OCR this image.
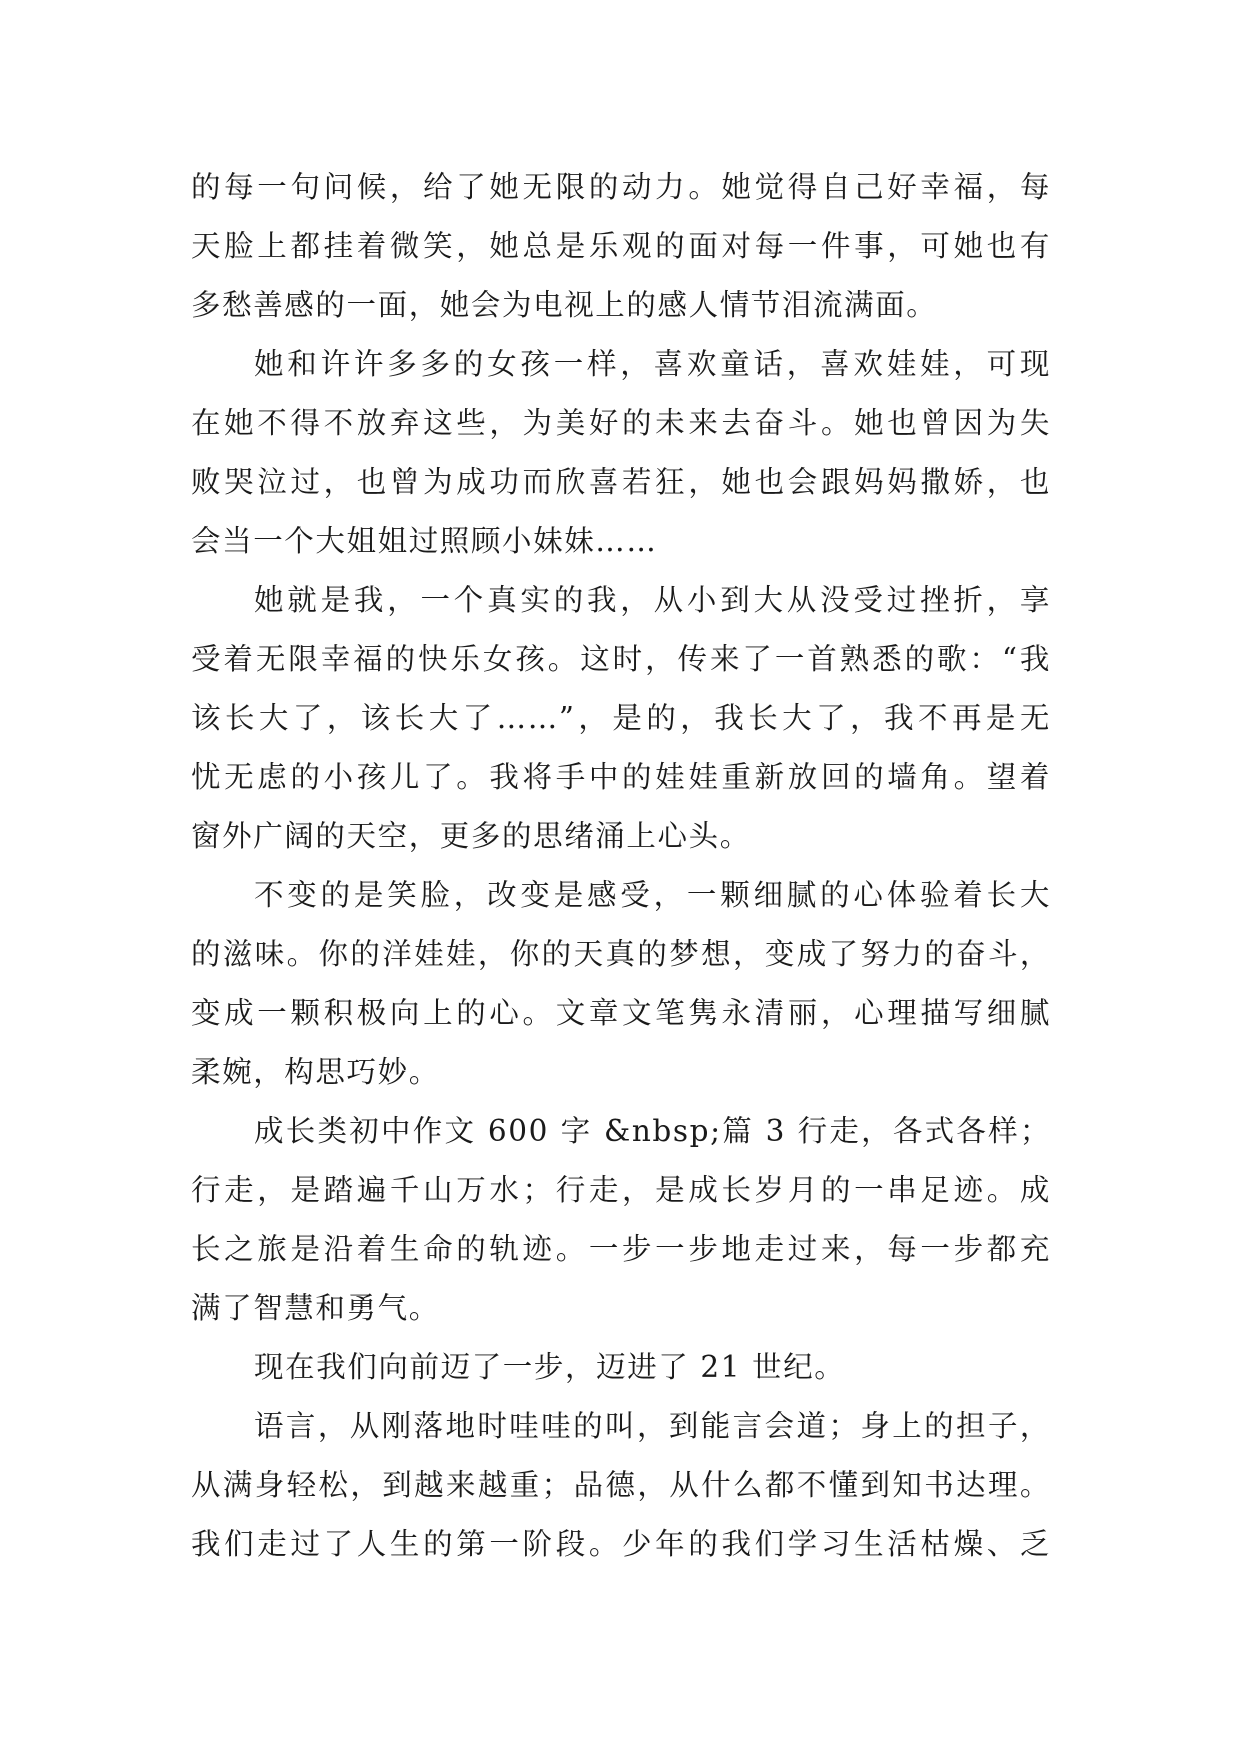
的每一句问候，给了她无限的动力。她觉得自己好幸福，每
天脸上都挂着微笑，她总是乐观的面对每一件事，可她也有
多愁善感的一面，她会为电视上的感人情节泪流满面。
她和许许多多的女孩一样，喜欢童话，喜欢娃娃，可现
在她不得不放弃这些，为美好的未来去奋斗。她也曾因为失
败哭泣过，也曾为成功而欣喜若狂，她也会跟妈妈撒娇，也
会当一个大姐姐过照顾小妹妹……
她就是我，一个真实的我，从小到大从没受过挫折，享
受着无限幸福的快乐女孩。这时，传来了一首熟悉的歌：“我
该长大了，该长大了……”，是的，我长大了，我不再是无
忧无虑的小孩儿了。我将手中的娃娃重新放回的墙角。望着
窗外广阔的天空，更多的思绪涌上心头。
不变的是笑脸，改变是感受，一颗细腻的心体验着长大
的滋味。你的洋娃娃，你的天真的梦想，变成了努力的奋斗，
变成一颗积极向上的心。文章文笔隽永清丽，心理描写细腻
柔婉，构思巧妙。
成长类初中作文 600 字 &nbsp;篇 3 行走，各式各样；
行走，是踏遍千山万水；行走，是成长岁月的一串足迹。成
长之旅是沿着生命的轨迹。一步一步地走过来，每一步都充
满了智慧和勇气。
现在我们向前迈了一步，迈进了 21 世纪。
语言，从刚落地时哇哇的叫，到能言会道；身上的担子，
从满身轻松，到越来越重；品德，从什么都不懂到知书达理。
我们走过了人生的第一阶段。少年的我们学习生活枯燥、乏
